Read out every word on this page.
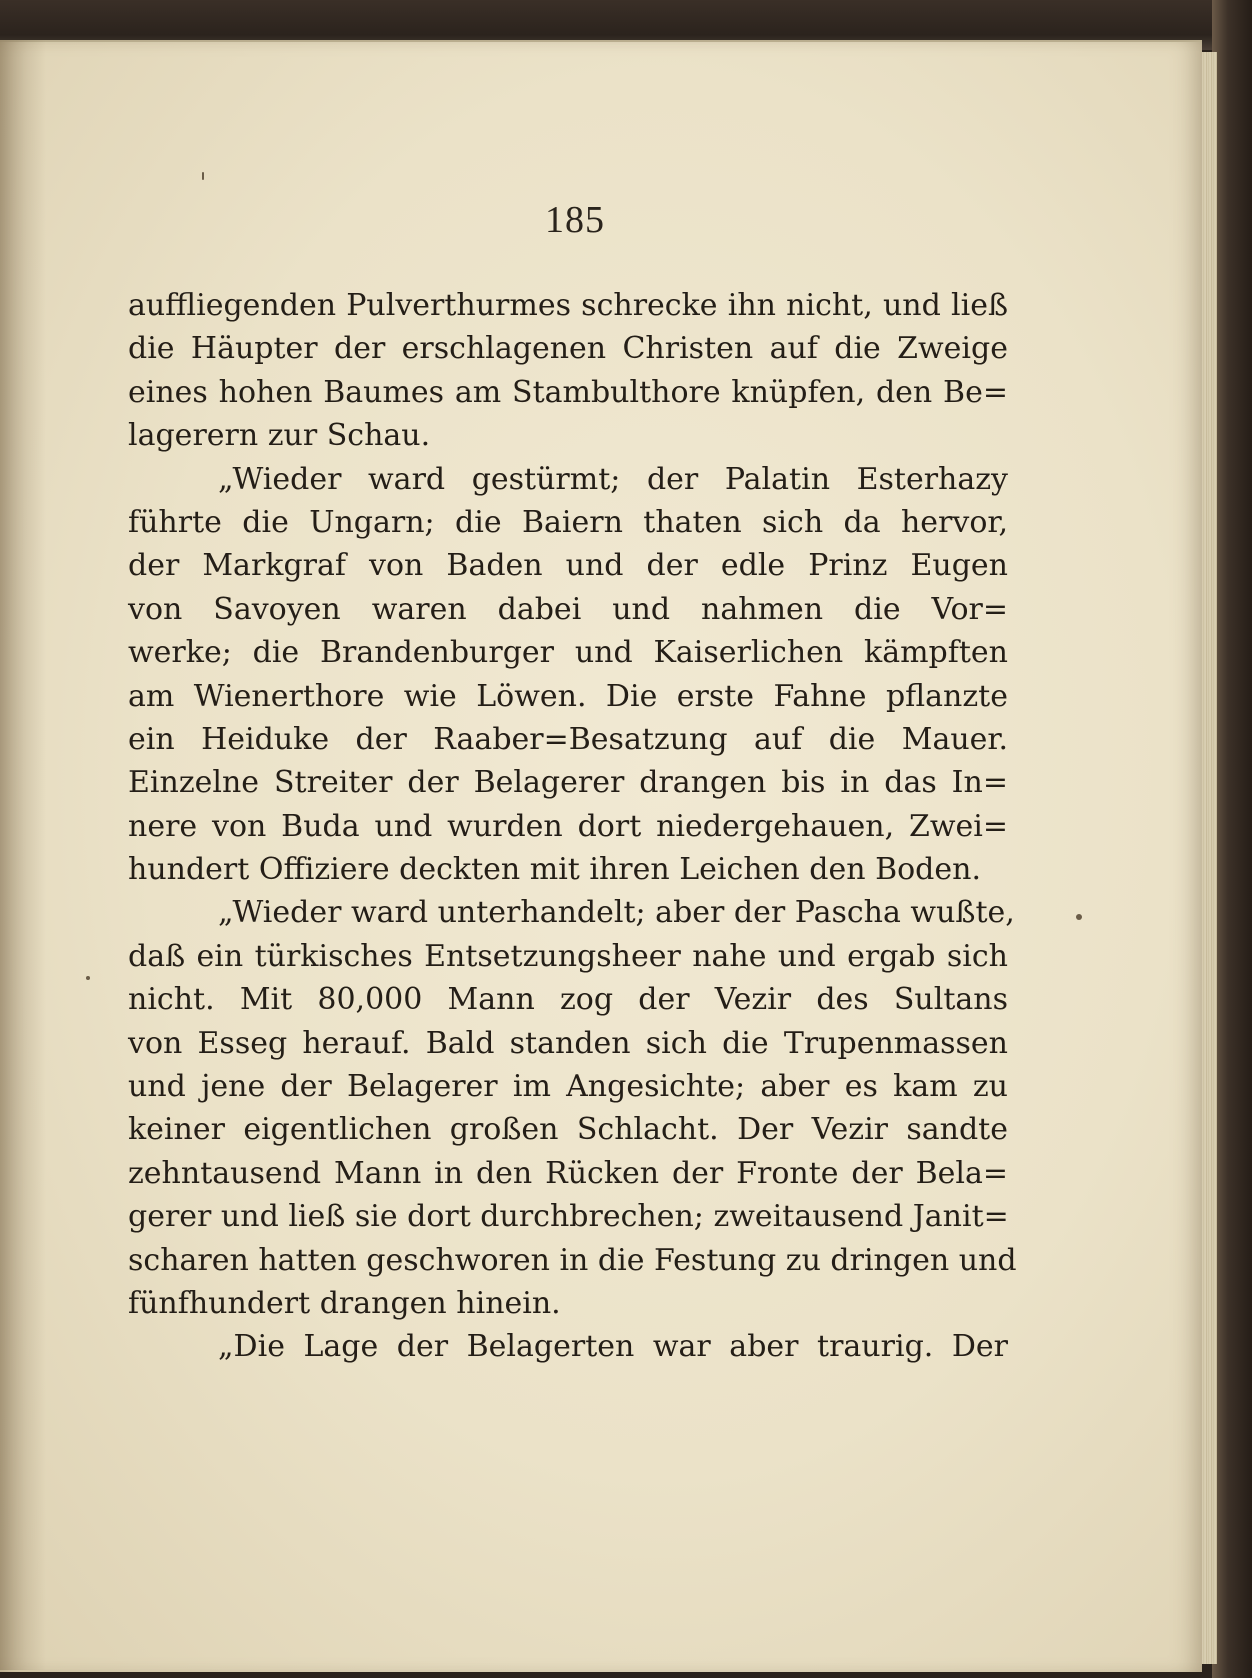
185
auffliegenden Pulverthurmes schrecke ihn nicht, und ließ
die Häupter der erschlagenen Christen auf die Zweige
eines hohen Baumes am Stambulthore knüpfen, den Be=
lagerern zur Schau.
„Wieder ward gestürmt; der Palatin Esterhazy
führte die Ungarn; die Baiern thaten sich da hervor,
der Markgraf von Baden und der edle Prinz Eugen
von Savoyen waren dabei und nahmen die Vor=
werke; die Brandenburger und Kaiserlichen kämpften
am Wienerthore wie Löwen. Die erste Fahne pflanzte
ein Heiduke der Raaber=Besatzung auf die Mauer.
Einzelne Streiter der Belagerer drangen bis in das In=
nere von Buda und wurden dort niedergehauen, Zwei=
hundert Offiziere deckten mit ihren Leichen den Boden.
„Wieder ward unterhandelt; aber der Pascha wußte,
daß ein türkisches Entsetzungsheer nahe und ergab sich
nicht. Mit 80,000 Mann zog der Vezir des Sultans
von Esseg herauf. Bald standen sich die Trupenmassen
und jene der Belagerer im Angesichte; aber es kam zu
keiner eigentlichen großen Schlacht. Der Vezir sandte
zehntausend Mann in den Rücken der Fronte der Bela=
gerer und ließ sie dort durchbrechen; zweitausend Janit=
scharen hatten geschworen in die Festung zu dringen und
fünfhundert drangen hinein.
„Die Lage der Belagerten war aber traurig. Der
